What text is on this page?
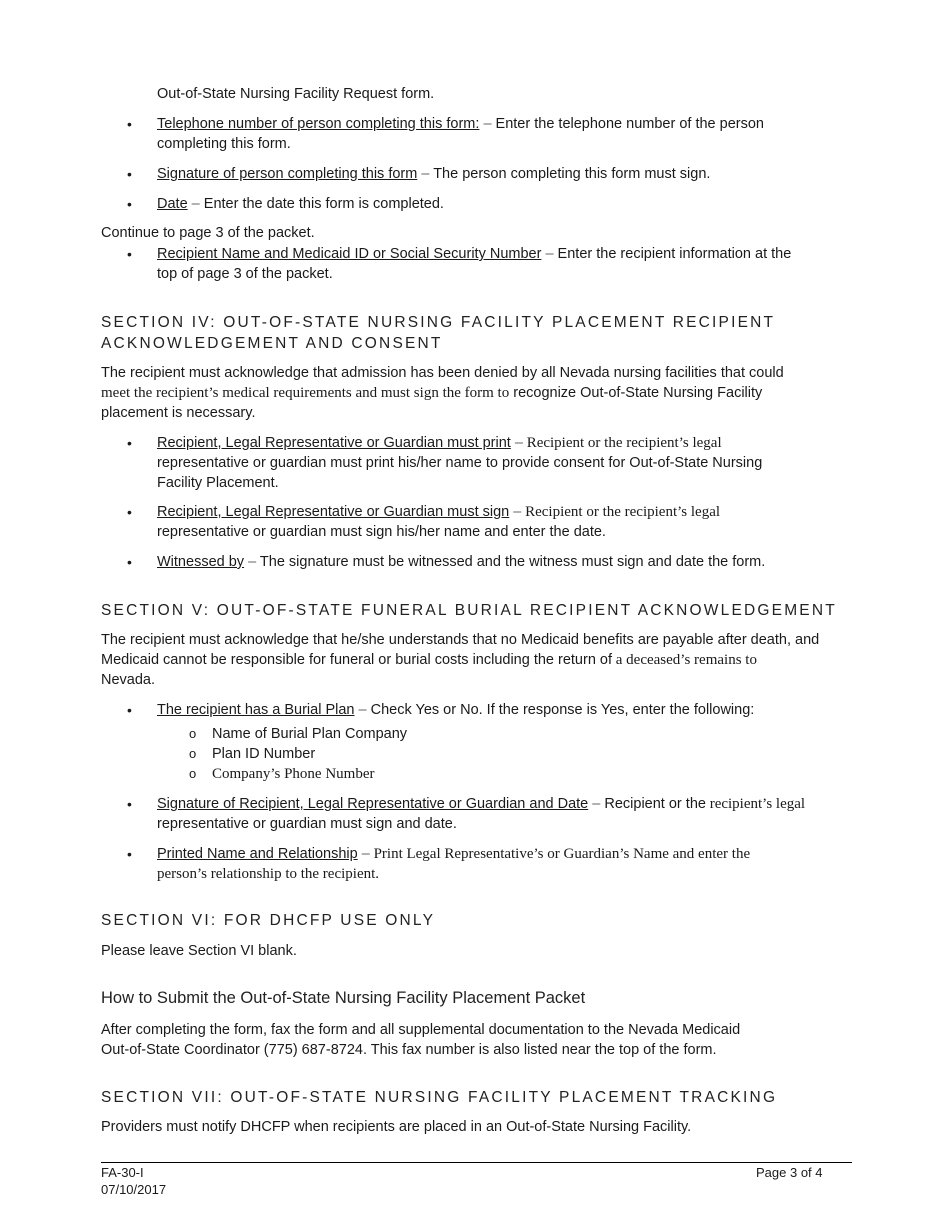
Out-of-State Nursing Facility Request form.
• Telephone number of person completing this form: – Enter the telephone number of the person
completing this form.
• Signature of person completing this form – The person completing this form must sign.
• Date – Enter the date this form is completed.
Continue to page 3 of the packet.
• Recipient Name and Medicaid ID or Social Security Number – Enter the recipient information at the
top of page 3 of the packet.
SECTION IV: OUT-OF-STATE NURSING FACILITY PLACEMENT RECIPIENT
ACKNOWLEDGEMENT AND CONSENT
The recipient must acknowledge that admission has been denied by all Nevada nursing facilities that could
meet the recipient’s medical requirements and must sign the form to recognize Out-of-State Nursing Facility
placement is necessary.
• Recipient, Legal Representative or Guardian must print – Recipient or the recipient’s legal
representative or guardian must print his/her name to provide consent for Out-of-State Nursing
Facility Placement.
• Recipient, Legal Representative or Guardian must sign – Recipient or the recipient’s legal
representative or guardian must sign his/her name and enter the date.
• Witnessed by – The signature must be witnessed and the witness must sign and date the form.
SECTION V: OUT-OF-STATE FUNERAL BURIAL RECIPIENT ACKNOWLEDGEMENT
The recipient must acknowledge that he/she understands that no Medicaid benefits are payable after death, and
Medicaid cannot be responsible for funeral or burial costs including the return of a deceased’s remains to
Nevada.
• The recipient has a Burial Plan – Check Yes or No. If the response is Yes, enter the following:
o Name of Burial Plan Company
o Plan ID Number
o Company’s Phone Number
• Signature of Recipient, Legal Representative or Guardian and Date – Recipient or the recipient’s legal
representative or guardian must sign and date.
• Printed Name and Relationship – Print Legal Representative’s or Guardian’s Name and enter the
person’s relationship to the recipient.
SECTION VI: FOR DHCFP USE ONLY
Please leave Section VI blank.
How to Submit the Out-of-State Nursing Facility Placement Packet
After completing the form, fax the form and all supplemental documentation to the Nevada Medicaid
Out-of-State Coordinator (775) 687-8724. This fax number is also listed near the top of the form.
SECTION VII: OUT-OF-STATE NURSING FACILITY PLACEMENT TRACKING
Providers must notify DHCFP when recipients are placed in an Out-of-State Nursing Facility.
FA-30-I
07/10/2017
Page 3 of 4
